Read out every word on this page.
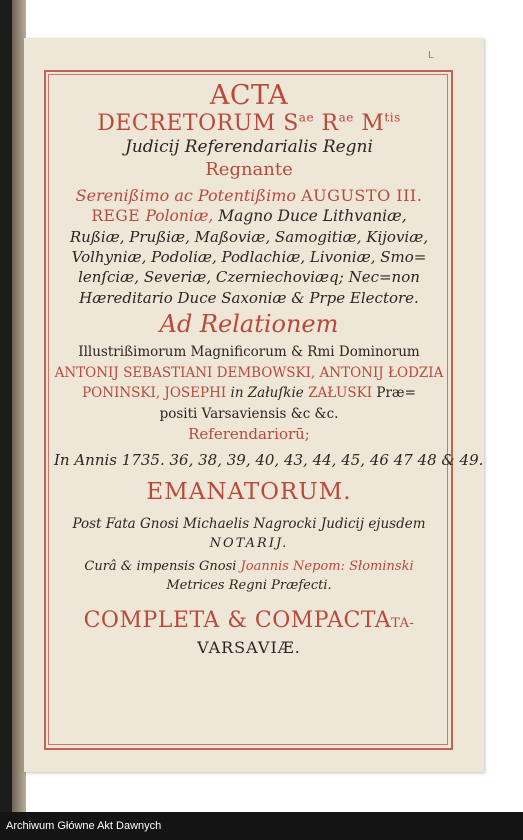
L
ACTA
DECRETORUM $S^{ae}$ $R^{ae}$ $M^{tis}$
Judicij Referendarialis Regni
Regnante
Serenißimo ac Potentißimo AUGUSTO III.
REGE Poloniæ, Magno Duce Lithvaniæ,
Rußiæ, Prußiæ, Maßoviæ, Samogitiæ, Kijoviæ,
Volhyniæ, Podoliæ, Podlachiæ, Livoniæ, Smo=
lenſciæ, Severiæ, Czerniechoviæq; Nec=non
Hæreditario Duce Saxoniæ & Prpe Electore.
Ad Relationem
Illustrißimorum Magnificorum & Rmi Dominorum
ANTONIJ SEBASTIANI DEMBOWSKI, ANTONIJ ŁODZIA
PONINSKI, JOSEPHI in Załuſkie ZAŁUSKI Præ=
positi Varsaviensis &c &c.
Referendariorū;
In Annis 1735. 36, 38, 39, 40, 43, 44, 45, 46 47 48 & 49.
EMANATORUM.
Post Fata Gnosi Michaelis Nagrocki Judicij ejusdem
NOTARIJ.
Curâ & impensis Gnosi Joannis Nepom: Słominski
Metrices Regni Præfecti.
COMPLETA & COMPACTATA-
VARSAVIÆ.
Archiwum Główne Akt Dawnych
